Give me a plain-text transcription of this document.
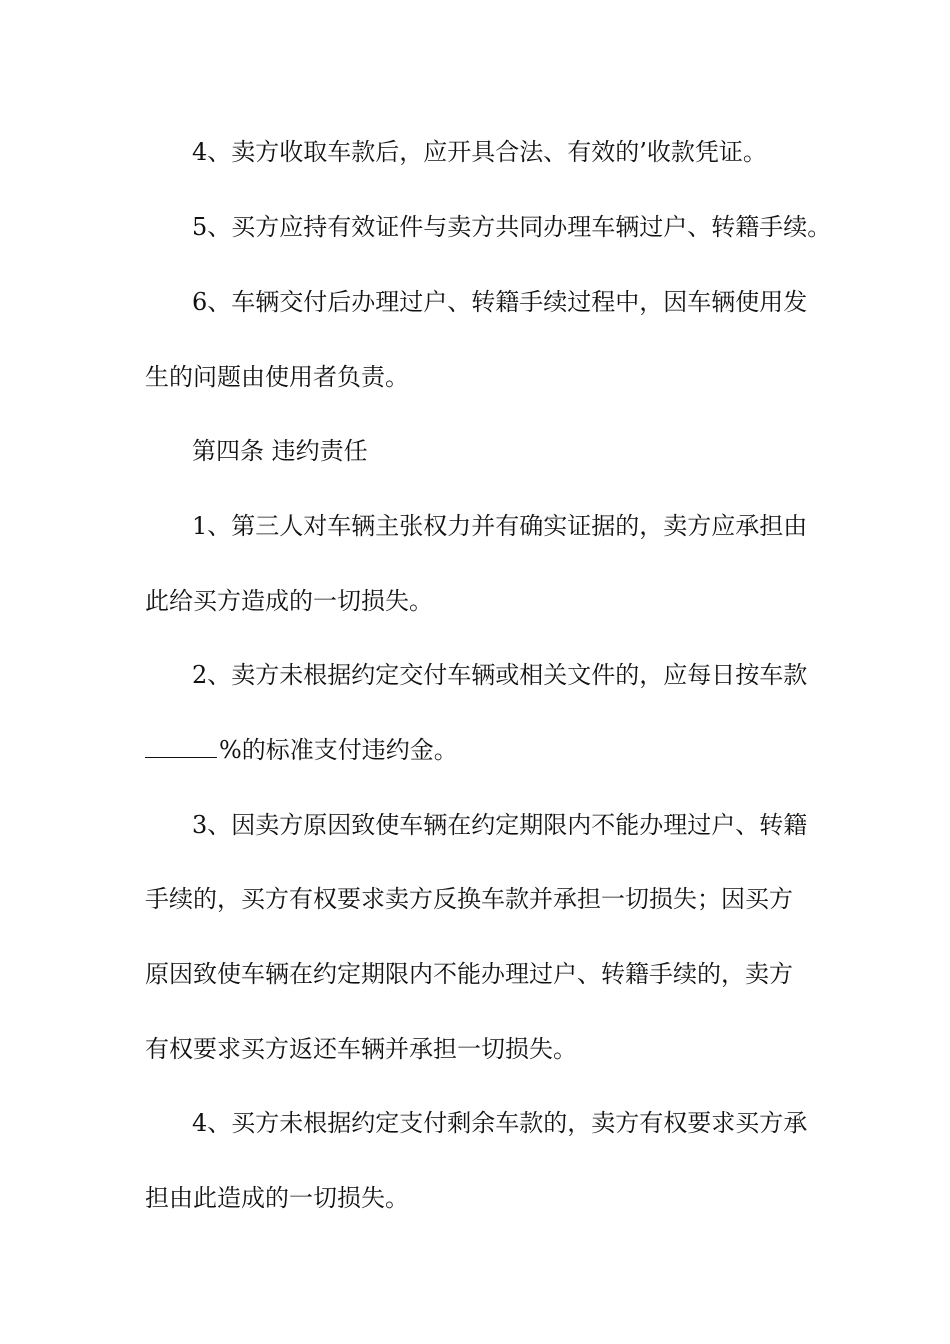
4、卖方收取车款后，应开具合法、有效的’收款凭证。
5、买方应持有效证件与卖方共同办理车辆过户、转籍手续。
6、车辆交付后办理过户、转籍手续过程中，因车辆使用发
生的问题由使用者负责。
第四条 违约责任
1、第三人对车辆主张权力并有确实证据的，卖方应承担由
此给买方造成的一切损失。
2、卖方未根据约定交付车辆或相关文件的，应每日按车款
%的标准支付违约金。
3、因卖方原因致使车辆在约定期限内不能办理过户、转籍
手续的，买方有权要求卖方反换车款并承担一切损失；因买方
原因致使车辆在约定期限内不能办理过户、转籍手续的，卖方
有权要求买方返还车辆并承担一切损失。
4、买方未根据约定支付剩余车款的，卖方有权要求买方承
担由此造成的一切损失。
